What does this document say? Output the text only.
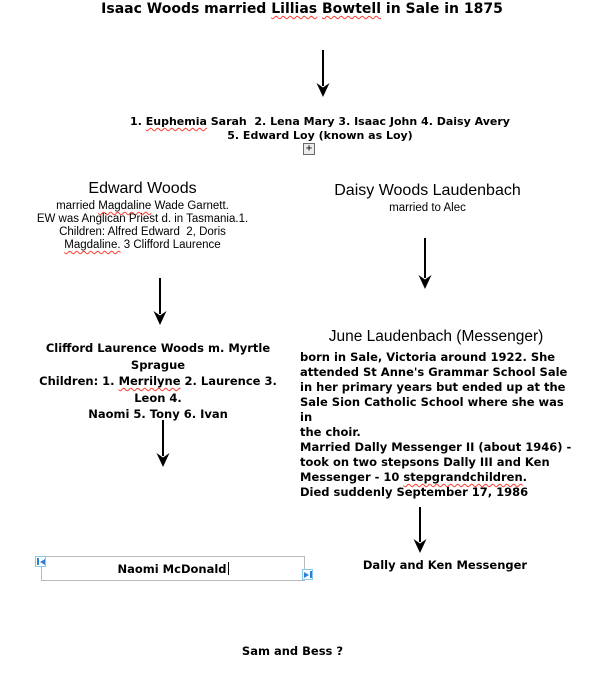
Isaac Woods married Lillias Bowtell in Sale in 1875
1. Euphemia Sarah  2. Lena Mary 3. Isaac John 4. Daisy Avery
5. Edward Loy (known as Loy)
+
Edward Woods
married Magdaline Wade Garnett.
EW was Anglican Priest d. in Tasmania.1.
Children: Alfred Edward  2, Doris
Magdaline. 3 Clifford Laurence
Daisy Woods Laudenbach
married to Alec
Clifford Laurence Woods m. Myrtle Sprague
Children: 1. Merrilyne 2. Laurence 3. Leon 4.
Naomi 5. Tony 6. Ivan
June Laudenbach (Messenger)
born in Sale, Victoria around 1922. She
attended St Anne's Grammar School Sale
in her primary years but ended up at the
Sale Sion Catholic School where she was in
the choir.
Married Dally Messenger II (about 1946) -
took on two stepsons Dally III and Ken
Messenger - 10 stepgrandchildren.
Died suddenly September 17, 1986
Naomi McDonald	Dally and Ken Messenger
Sam and Bess ?
